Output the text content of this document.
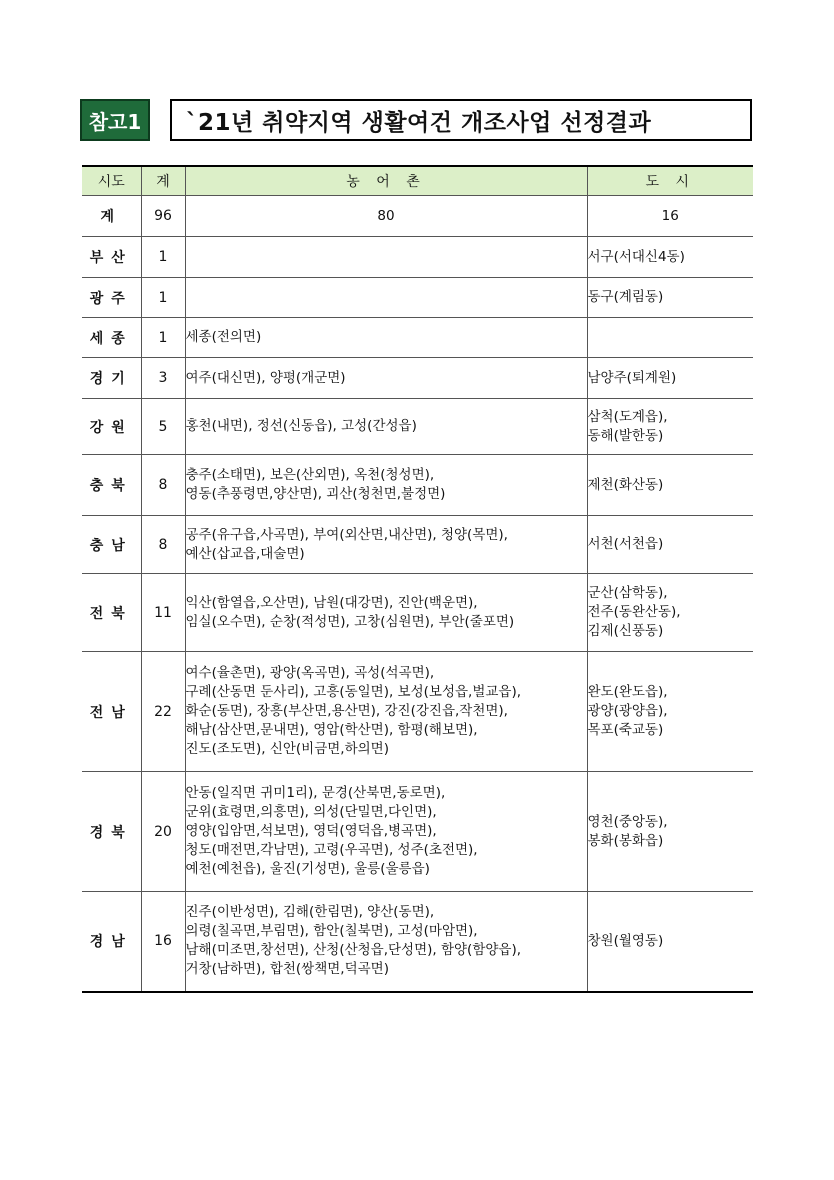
참고1	`21년 취약지역 생활여건 개조사업 선정결과
시도	계	농 어 촌	도 시
계	96	80	16
부산	1		서구(서대신4동)

광주	1		동구(계림동)

세종	1	세종(전의면)	

경기	3	여주(대신면), 양평(개군면)	남양주(퇴계원)

강원	5	홍천(내면), 정선(신동읍), 고성(간성읍)	삼척(도계읍),
동해(발한동)

충북	8	충주(소태면), 보은(산외면), 옥천(청성면),
영동(추풍령면,양산면), 괴산(청천면,불정면)	제천(화산동)

충남	8	공주(유구읍,사곡면), 부여(외산면,내산면), 청양(목면),
예산(삽교읍,대술면)	서천(서천읍)

전북	11	익산(함열읍,오산면), 남원(대강면), 진안(백운면),
임실(오수면), 순창(적성면), 고창(심원면), 부안(줄포면)	군산(삼학동),
전주(동완산동),
김제(신풍동)

전남	22	여수(율촌면), 광양(옥곡면), 곡성(석곡면),
구례(산동면 둔사리), 고흥(동일면), 보성(보성읍,벌교읍),
화순(동면), 장흥(부산면,용산면), 강진(강진읍,작천면),
해남(삼산면,문내면), 영암(학산면), 함평(해보면),
진도(조도면), 신안(비금면,하의면)	완도(완도읍),
광양(광양읍),
목포(죽교동)

경북	20	안동(일직면 귀미1리), 문경(산북면,동로면),
군위(효령면,의흥면), 의성(단밀면,다인면),
영양(입암면,석보면), 영덕(영덕읍,병곡면),
청도(매전면,각남면), 고령(우곡면), 성주(초전면),
예천(예천읍), 울진(기성면), 울릉(울릉읍)	영천(중앙동),
봉화(봉화읍)

경남	16	진주(이반성면), 김해(한림면), 양산(동면),
의령(칠곡면,부림면), 함안(칠북면), 고성(마암면),
남해(미조면,창선면), 산청(산청읍,단성면), 함양(함양읍),
거창(남하면), 합천(쌍책면,덕곡면)	창원(월영동)
